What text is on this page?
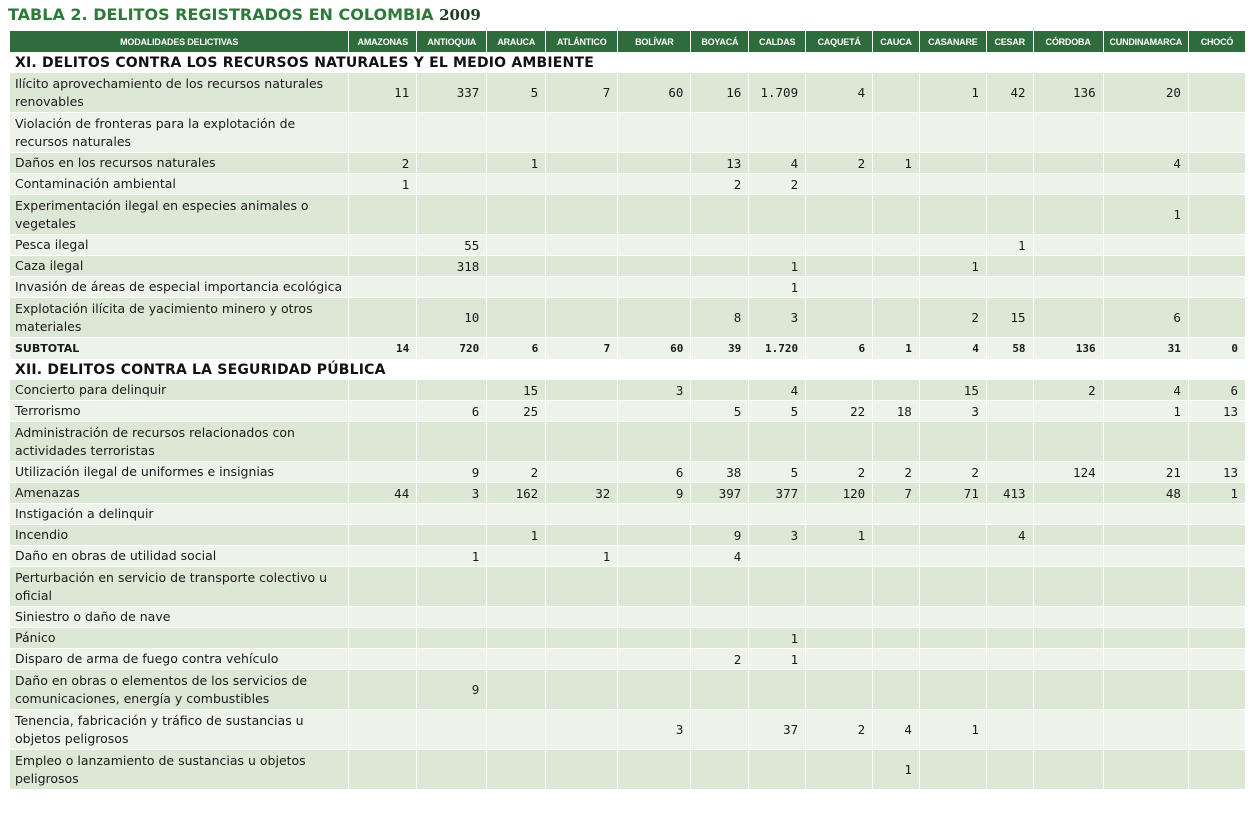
TABLA 2. DELITOS REGISTRADOS EN COLOMBIA 2009
MODALIDADES DELICTIVAS	AMAZONAS	ANTIOQUIA	ARAUCA	ATLÁNTICO	BOLÍVAR	BOYACÁ	CALDAS	CAQUETÁ	CAUCA	CASANARE	CESAR	CÓRDOBA	CUNDINAMARCA	CHOCÓ
XI. DELITOS CONTRA LOS RECURSOS NATURALES Y EL MEDIO AMBIENTE														
Ilícito aprovechamiento de los recursos naturales renovables	11	337	5	7	60	16	1.709	4		1	42	136	20	
Violación de fronteras para la explotación de recursos naturales														
Daños en los recursos naturales	2		1			13	4	2	1				4	
Contaminación ambiental	1					2	2							
Experimentación ilegal en especies animales o vegetales													1	
Pesca ilegal		55									1			
Caza ilegal		318					1			1				
Invasión de áreas de especial importancia ecológica							1							
Explotación ilícita de yacimiento minero y otros materiales		10				8	3			2	15		6	
SUBTOTAL	14	720	6	7	60	39	1.720	6	1	4	58	136	31	0
XII. DELITOS CONTRA LA SEGURIDAD PÚBLICA														
Concierto para delinquir			15		3		4			15		2	4	6
Terrorismo		6	25			5	5	22	18	3			1	13
Administración de recursos relacionados con actividades terroristas														
Utilización ilegal de uniformes e insignias		9	2		6	38	5	2	2	2		124	21	13
Amenazas	44	3	162	32	9	397	377	120	7	71	413		48	1
Instigación a delinquir														
Incendio			1			9	3	1			4			
Daño en obras de utilidad social		1		1		4								
Perturbación en servicio de transporte colectivo u oficial														
Siniestro o daño de nave														
Pánico							1							
Disparo de arma de fuego contra vehículo						2	1							
Daño en obras o elementos de los servicios de comunicaciones, energía y combustibles		9												
Tenencia, fabricación y tráfico de sustancias u objetos peligrosos					3		37	2	4	1				
Empleo o lanzamiento de sustancias u objetos peligrosos									1					
